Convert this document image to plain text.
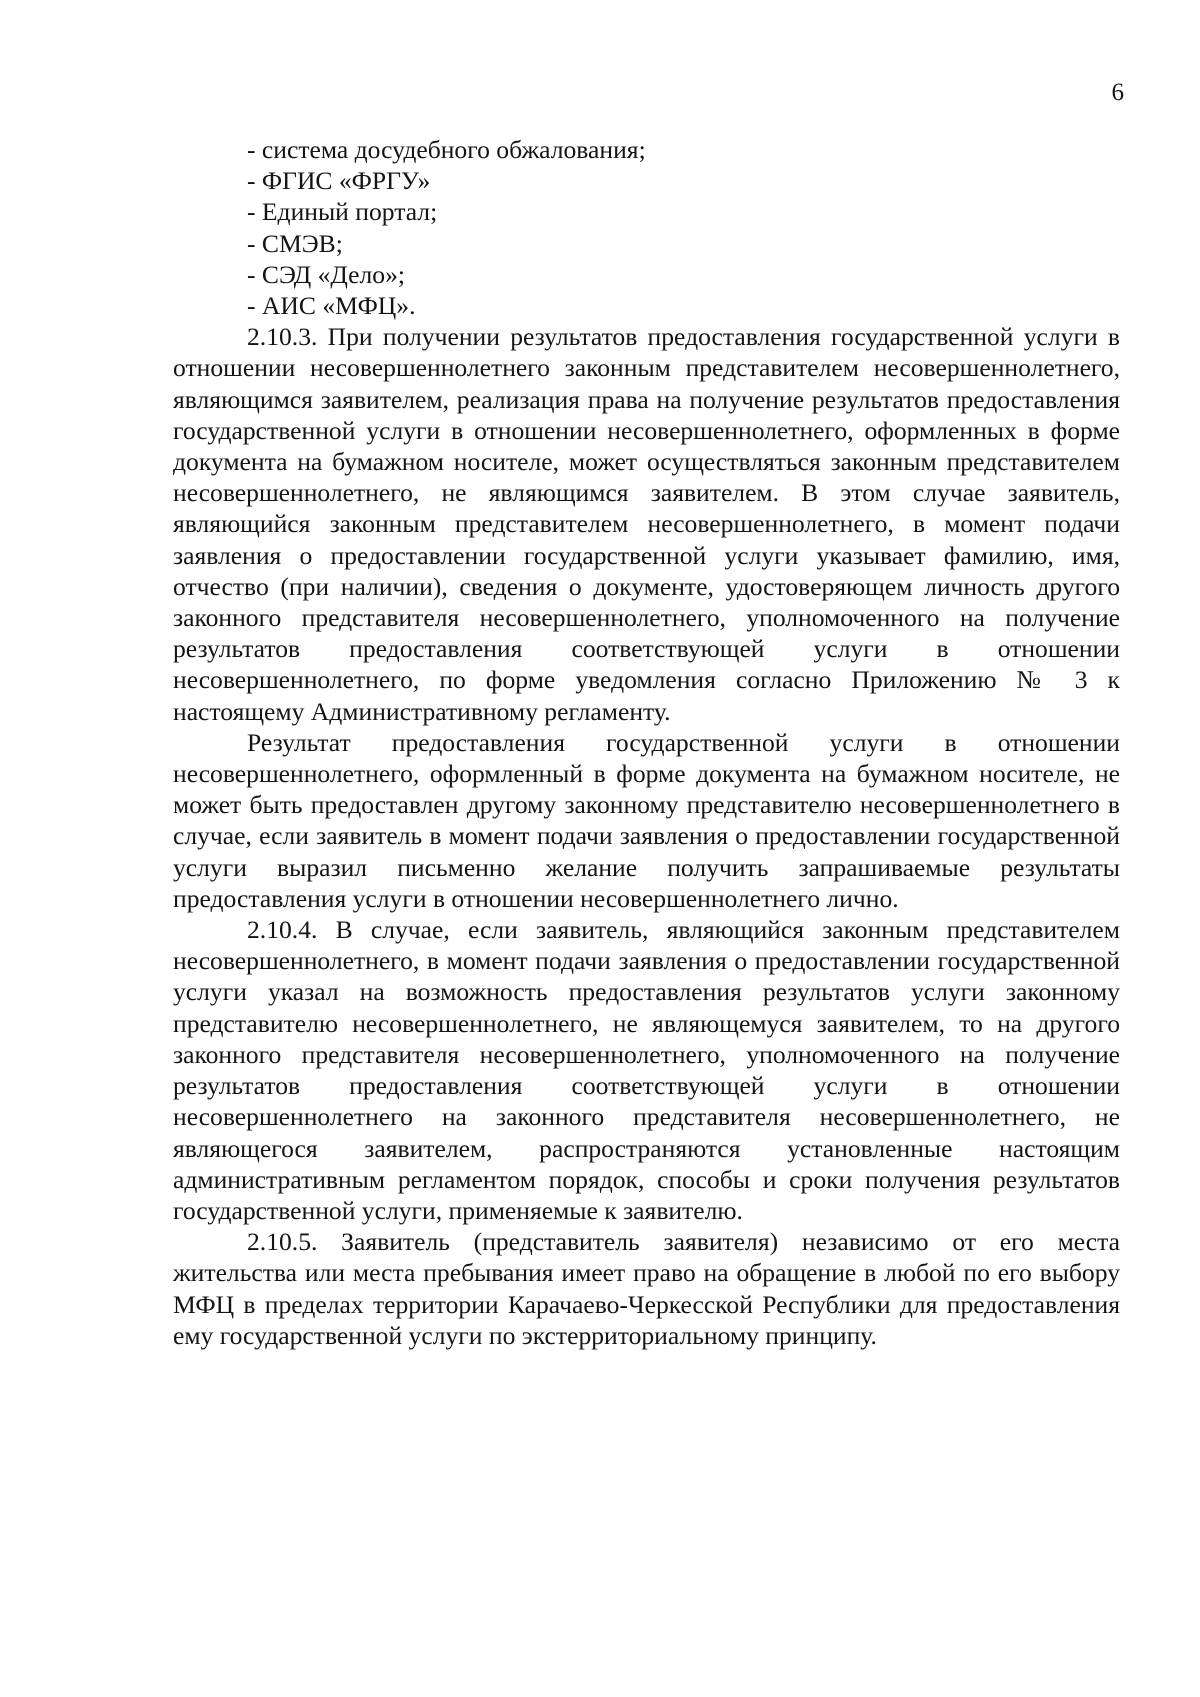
6
- система досудебного обжалования;
- ФГИС «ФРГУ»
- Единый портал;
- СМЭВ;
- СЭД «Дело»;
- АИС «МФЦ».

2.10.3. При получении результатов предоставления государственной услуги в отношении несовершеннолетнего законным представителем несовершеннолетнего, являющимся заявителем, реализация права на получение результатов предоставления государственной услуги в отношении несовершеннолетнего, оформленных в форме документа на бумажном носителе, может осуществляться законным представителем несовершеннолетнего, не являющимся заявителем. В этом случае заявитель, являющийся законным представителем несовершеннолетнего, в момент подачи заявления о предоставлении государственной услуги указывает фамилию, имя, отчество (при наличии), сведения о документе, удостоверяющем личность другого законного представителя несовершеннолетнего, уполномоченного на получение результатов предоставления соответствующей услуги в отношении несовершеннолетнего, по форме уведомления согласно Приложению № 3 к настоящему Административному регламенту.

Результат предоставления государственной услуги в отношении несовершеннолетнего, оформленный в форме документа на бумажном носителе, не может быть предоставлен другому законному представителю несовершеннолетнего в случае, если заявитель в момент подачи заявления о предоставлении государственной услуги выразил письменно желание получить запрашиваемые результаты предоставления услуги в отношении несовершеннолетнего лично.

2.10.4. В случае, если заявитель, являющийся законным представителем несовершеннолетнего, в момент подачи заявления о предоставлении государственной услуги указал на возможность предоставления результатов услуги законному представителю несовершеннолетнего, не являющемуся заявителем, то на другого законного представителя несовершеннолетнего, уполномоченного на получение результатов предоставления соответствующей услуги в отношении несовершеннолетнего на законного представителя несовершеннолетнего, не являющегося заявителем, распространяются установленные настоящим административным регламентом порядок, способы и сроки получения результатов государственной услуги, применяемые к заявителю.

2.10.5. Заявитель (представитель заявителя) независимо от его места жительства или места пребывания имеет право на обращение в любой по его выбору МФЦ в пределах территории Карачаево-Черкесской Республики для предоставления ему государственной услуги по экстерриториальному принципу.
